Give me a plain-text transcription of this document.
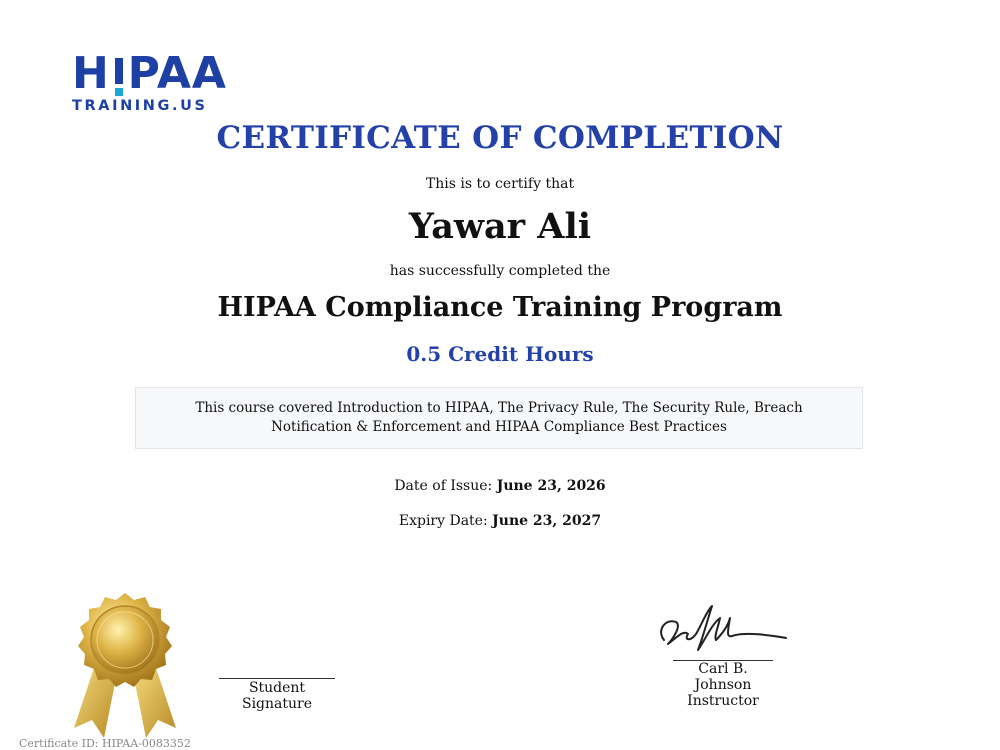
H PAA
TRAINING.US
CERTIFICATE OF COMPLETION
This is to certify that
Yawar Ali
has successfully completed the
HIPAA Compliance Training Program
0.5 Credit Hours
This course covered Introduction to HIPAA, The Privacy Rule, The Security Rule, Breach Notification & Enforcement and HIPAA Compliance Best Practices
Date of Issue: June 23, 2026
Expiry Date: June 23, 2027
Student Signature
Carl B. Johnson
Instructor
Certificate ID: HIPAA-0083352
